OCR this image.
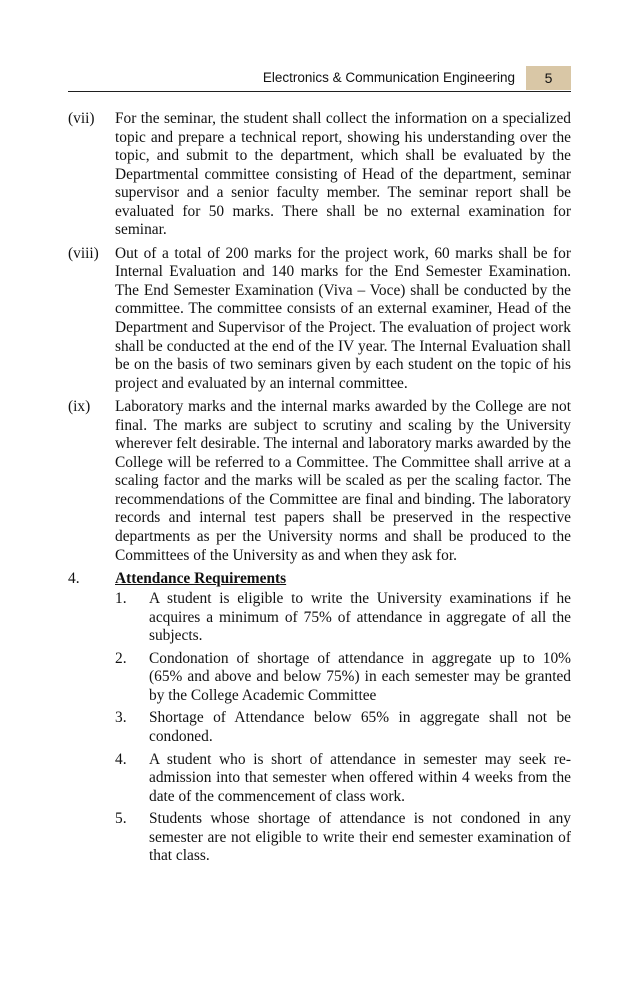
Electronics & Communication Engineering	5
(vii)	For the seminar, the student shall collect the information on a specialized topic and prepare a technical report, showing his understanding over the topic, and submit to the department, which shall be evaluated by the Departmental committee consisting of Head of the department, seminar supervisor and a senior faculty member. The seminar report shall be evaluated for 50 marks. There shall be no external examination for seminar.
(viii)	Out of a total of 200 marks for the project work, 60 marks shall be for Internal Evaluation and 140 marks for the End Semester Examination. The End Semester Examination (Viva – Voce) shall be conducted by the committee. The committee consists of an external examiner, Head of the Department and Supervisor of the Project. The evaluation of project work shall be conducted at the end of the IV year. The Internal Evaluation shall be on the basis of two seminars given by each student on the topic of his project and evaluated by an internal committee.
(ix)	Laboratory marks and the internal marks awarded by the College are not final. The marks are subject to scrutiny and scaling by the University wherever felt desirable. The internal and laboratory marks awarded by the College will be referred to a Committee. The Committee shall arrive at a scaling factor and the marks will be scaled as per the scaling factor. The recommendations of the Committee are final and binding. The laboratory records and internal test papers shall be preserved in the respective departments as per the University norms and shall be produced to the Committees of the University as and when they ask for.
4. Attendance Requirements
1. A student is eligible to write the University examinations if he acquires a minimum of 75% of attendance in aggregate of all the subjects.
2. Condonation of shortage of attendance in aggregate up to 10% (65% and above and below 75%) in each semester may be granted by the College Academic Committee
3. Shortage of Attendance below 65% in aggregate shall not be condoned.
4. A student who is short of attendance in semester may seek re-admission into that semester when offered within 4 weeks from the date of the commencement of class work.
5. Students whose shortage of attendance is not condoned in any semester are not eligible to write their end semester examination of that class.
